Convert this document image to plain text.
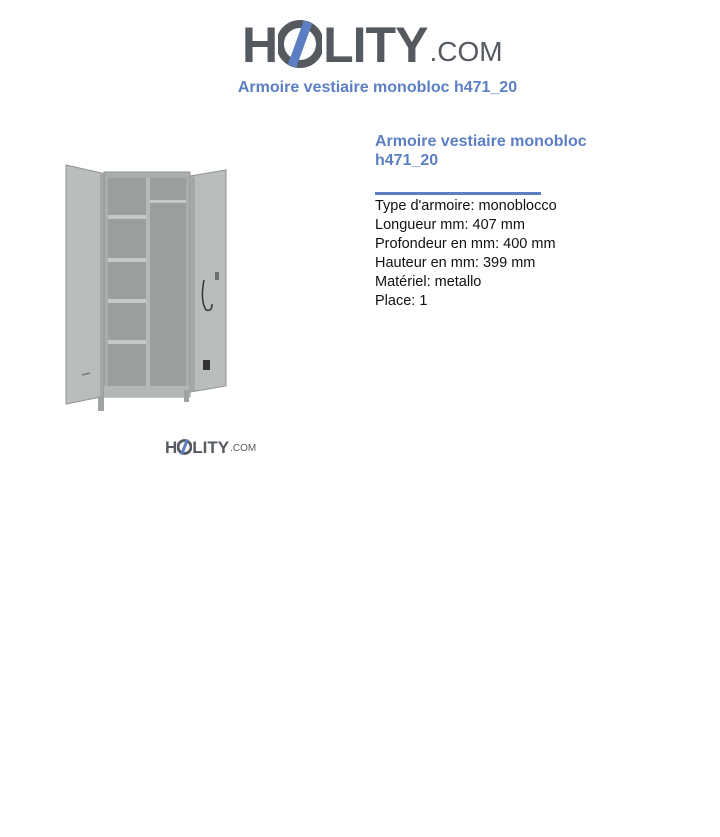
H LITY .COM
Armoire vestiaire monobloc h471_20
H LITY .COM
Armoire vestiaire monobloc
h471_20
Type d'armoire: monoblocco
Longueur mm: 407 mm
Profondeur en mm: 400 mm
Hauteur en mm: 399 mm
Matériel: metallo
Place: 1
